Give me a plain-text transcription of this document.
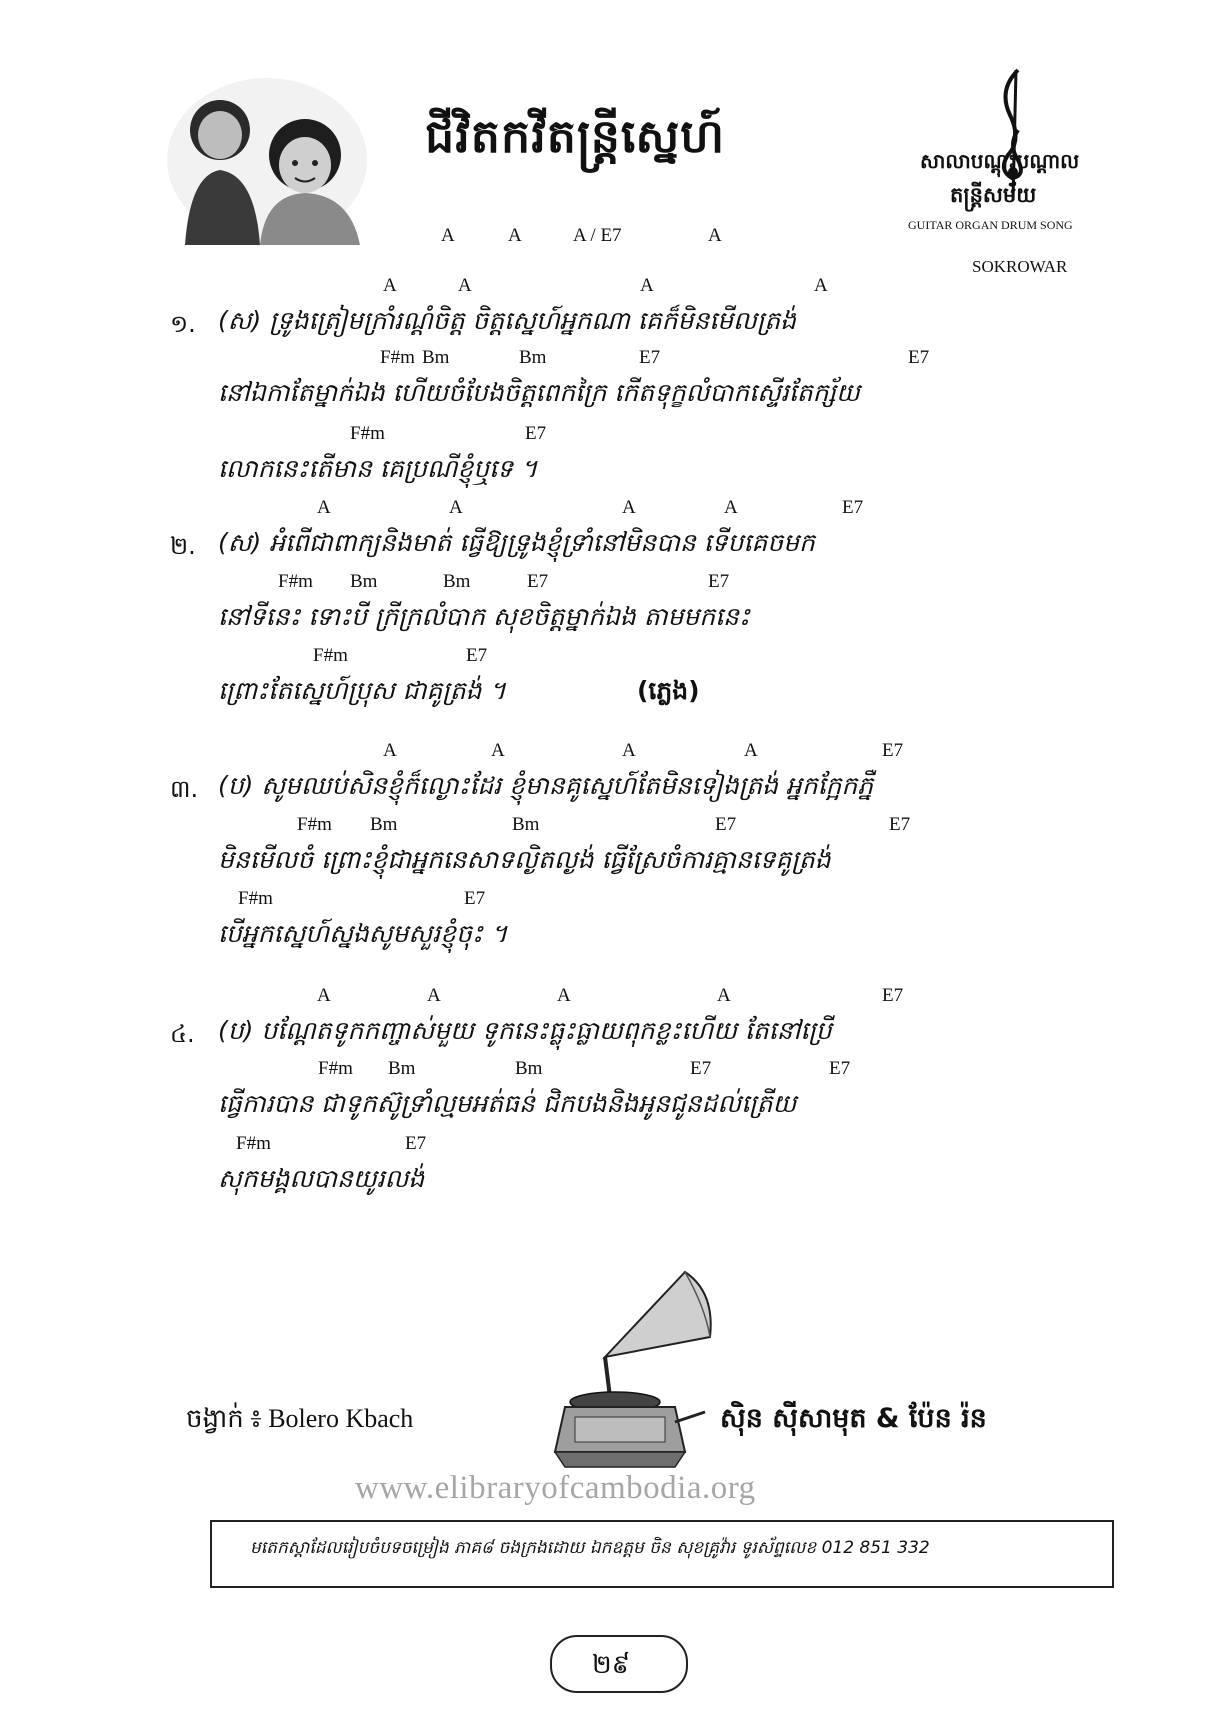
ជីវិតកវីតន្ត្រីស្នេហ៍	សាលាបណ្តុះបណ្តាល
តន្ត្រីសម័យ
GUITAR ORGAN DRUM SONG
SOKROWAR
A	A	A / E7	A
A	A	A	A
១. (ស) ទ្រូងត្រៀមក្រាំរណ្តំចិត្ត ចិត្តស្នេហ៍អ្នកណា គេក៏មិនមើលត្រង់
F#m Bm	Bm	E7	E7
នៅឯកាតែម្នាក់ឯង ហើយចំបែងចិត្តពេកក្រៃ កើតទុក្ខលំបាកស្ទើរតែក្ស័យ
F#m	E7
លោកនេះតើមាន គេប្រណីខ្ញុំឬទេ ។
A	A	A	A	E7
២. (ស) អំពើជាពាក្យនិងមាត់ ធ្វើឱ្យទ្រូងខ្ញុំទ្រាំនៅមិនបាន ទើបគេចមក
F#m Bm	Bm	E7	E7
នៅទីនេះ ទោះបី ក្រីក្រលំបាក សុខចិត្តម្នាក់ឯង តាមមកនេះ
F#m	E7
ព្រោះតែស្នេហ៍ប្រុស ជាគូត្រង់ ។	(ភ្លេង)
A	A	A	A	E7
៣. (ប) សូមឈប់សិនខ្ញុំក៏ល្ងោះដែរ ខ្ញុំមានគូស្នេហ៍តែមិនទៀងត្រង់ អ្នកក្អែកភ្នឺ
F#m Bm	Bm	E7	E7
មិនមើលចំ ព្រោះខ្ញុំជាអ្នកនេសាទល្ងិតល្ងង់ ធ្វើស្រែចំការគ្មានទេគូត្រង់
F#m	E7
បើអ្នកស្នេហ៍ស្នងសូមសួរខ្ញុំចុះ ។
A	A	A	A	E7
៤. (ប) បណ្តែតទូកកញ្ចាស់មួយ ទូកនេះធ្លុះធ្លាយពុកខ្លះហើយ តែនៅប្រើ
F#m Bm	Bm	E7	E7
ធ្វើការបាន ជាទូកស៊ូទ្រាំល្មមអត់ធន់ ជិកបងនិងអូនជូនដល់ត្រើយ
F#m	E7
សុកមង្គលបានយូរលង់
ចង្វាក់ ៖ Bolero Kbach	ស៊ិន ស៊ីសាមុត & ប៉ែន រ៉ន
www.elibraryofcambodia.org
មតេកស្តាដែលរៀបចំបទចម្រៀង ភាគ៨ ចងក្រងដោយ ឯកឧត្តម ចិន សុខគ្រូវ៉ារ ទូរស័ព្ទលេខ 012 851 332
២៩
